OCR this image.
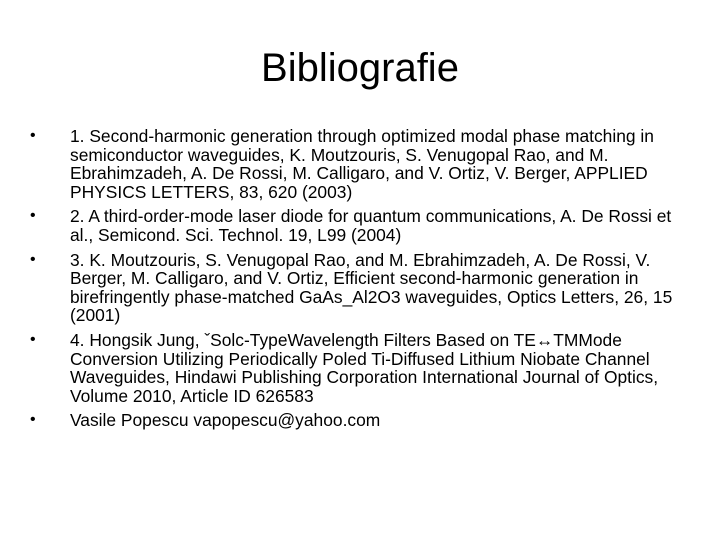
Bibliografie
•	1. Second-harmonic generation through optimized modal phase matching in semiconductor waveguides, K. Moutzouris, S. Venugopal Rao, and M. Ebrahimzadeh, A. De Rossi, M. Calligaro, and V. Ortiz, V. Berger, APPLIED PHYSICS LETTERS, 83, 620 (2003)
•	2. A third-order-mode laser diode for quantum communications, A. De Rossi et al., Semicond. Sci. Technol. 19, L99 (2004)
•	3. K. Moutzouris, S. Venugopal Rao, and M. Ebrahimzadeh, A. De Rossi, V. Berger, M. Calligaro, and V. Ortiz, Efficient second-harmonic generation in birefringently phase-matched GaAs_Al2O3 waveguides, Optics Letters, 26, 15 (2001)
•	4. Hongsik Jung, ˇSolc-TypeWavelength Filters Based on TE↔TMMode Conversion Utilizing Periodically Poled Ti-Diffused Lithium Niobate Channel Waveguides, Hindawi Publishing Corporation International Journal of Optics, Volume 2010, Article ID 626583
•	Vasile Popescu vapopescu@yahoo.com
